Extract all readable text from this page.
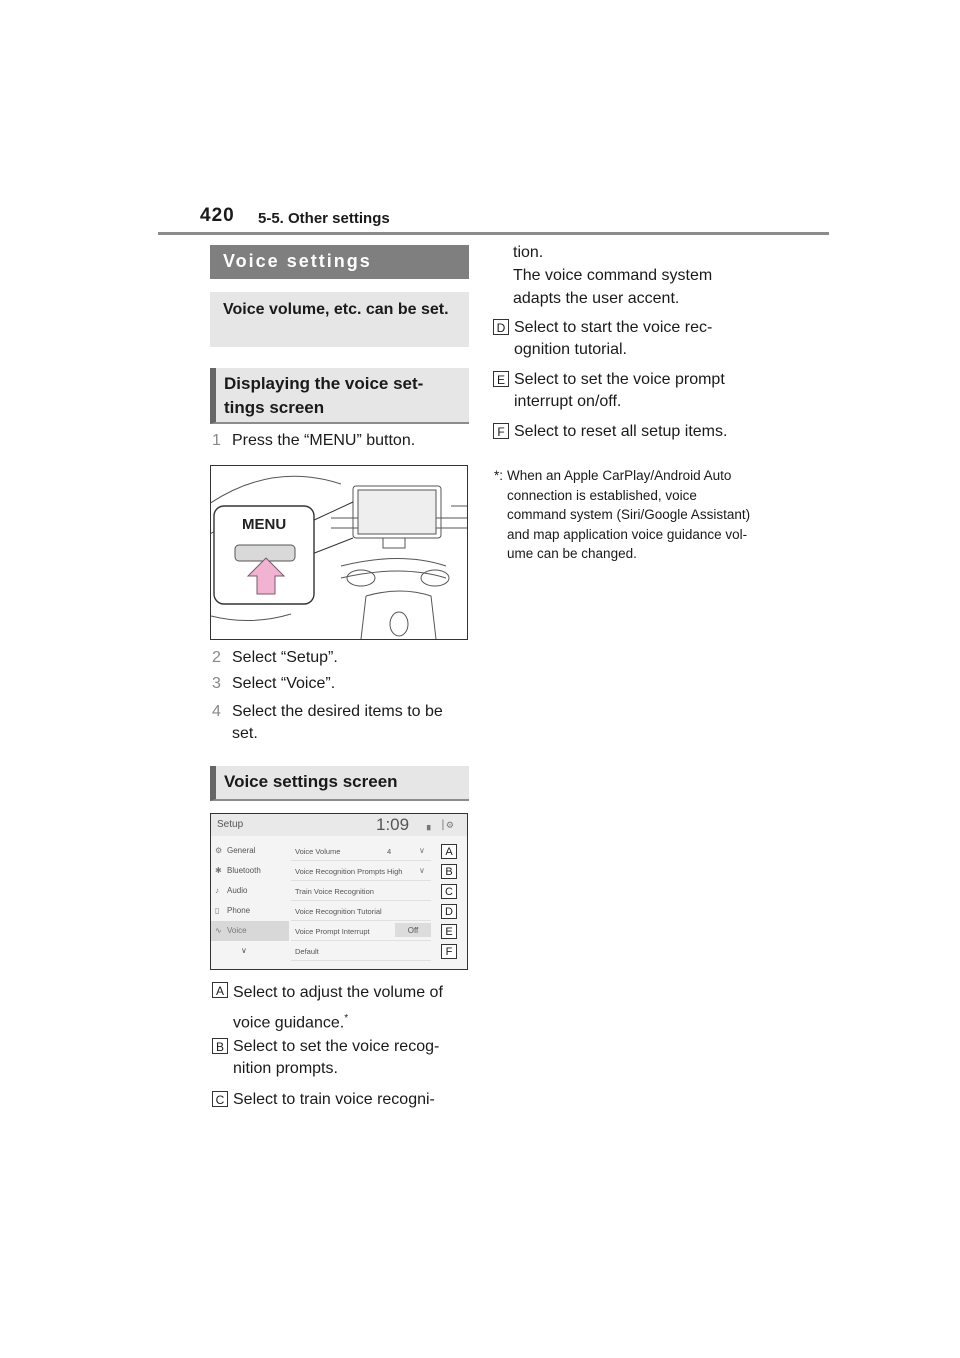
420 5-5. Other settings
Voice settings
Voice volume, etc. can be set.
Displaying the voice set-tings screen
1 Press the “MENU” button.
MENU
2 Select “Setup”.
3 Select “Voice”.
4 Select the desired items to be set.
Voice settings screen
Setup	1:09 ▖ ▕ ⚙
⚙ General
✱ Bluetooth
♪ Audio
▯ Phone
∿ Voice
∨
Voice Volume	4	∨
Voice Recognition Prompts High ∨
Train Voice Recognition
Voice Recognition Tutorial
Voice Prompt Interrupt	Off
Default
A
B
C
D
E
F
A Select to adjust the volume of voice guidance.*
B Select to set the voice recog-nition prompts.
C Select to train voice recogni-
tion.
The voice command system
adapts the user accent.
D Select to start the voice rec-ognition tutorial.
E Select to set the voice prompt interrupt on/off.
F Select to reset all setup items.
*: When an Apple CarPlay/Android Auto connection is established, voice command system (Siri/Google Assistant) and map application voice guidance vol-ume can be changed.
